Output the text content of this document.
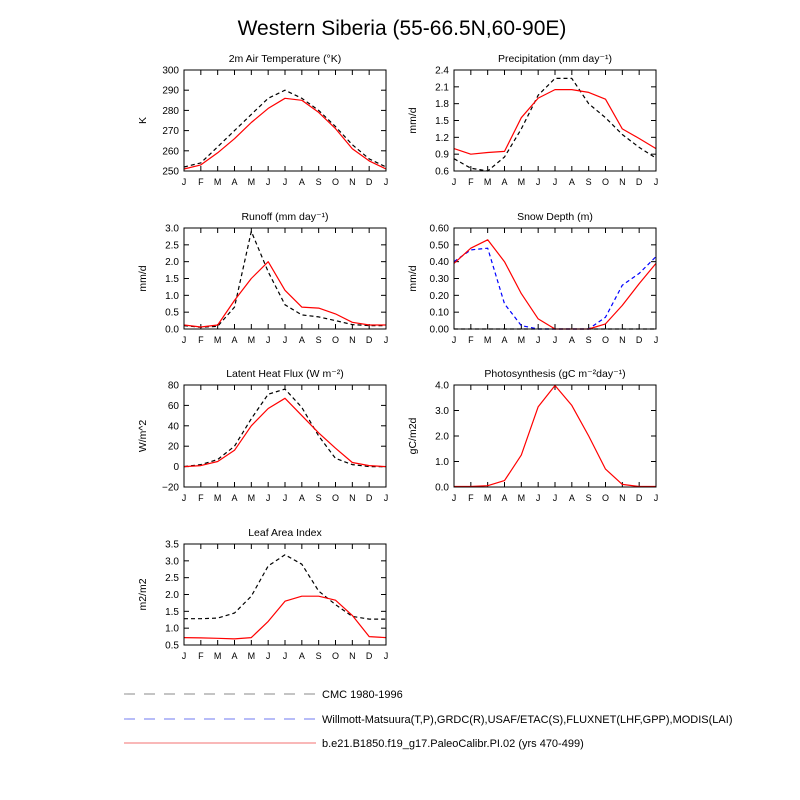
Western Siberia (55-66.5N,60-90E)
2m Air Temperature (°K)
K
J F M A M J J A S O N D J
250
260
270
280
290
300
Precipitation (mm day⁻¹)
mm/d
J F M A M J J A S O N D J
0.6
0.9
1.2
1.5
1.8
2.1
2.4
Runoff (mm day⁻¹)
mm/d
J F M A M J J A S O N D J
0.0
0.5
1.0
1.5
2.0
2.5
3.0
Snow Depth (m)
mm/d
J F M A M J J A S O N D J
0.00
0.10
0.20
0.30
0.40
0.50
0.60
Latent Heat Flux (W m⁻²)
W/m^2
J F M A M J J A S O N D J
−20
0
20
40
60
80
Photosynthesis (gC m⁻²day⁻¹)
gC/m2d
J F M A M J J A S O N D J
0.0
1.0
2.0
3.0
4.0
Leaf Area Index
m2/m2
J F M A M J J A S O N D J
0.5
1.0
1.5
2.0
2.5
3.0
3.5
CMC 1980-1996
Willmott-Matsuura(T,P),GRDC(R),USAF/ETAC(S),FLUXNET(LHF,GPP),MODIS(LAI)
b.e21.B1850.f19_g17.PaleoCalibr.PI.02 (yrs 470-499)
